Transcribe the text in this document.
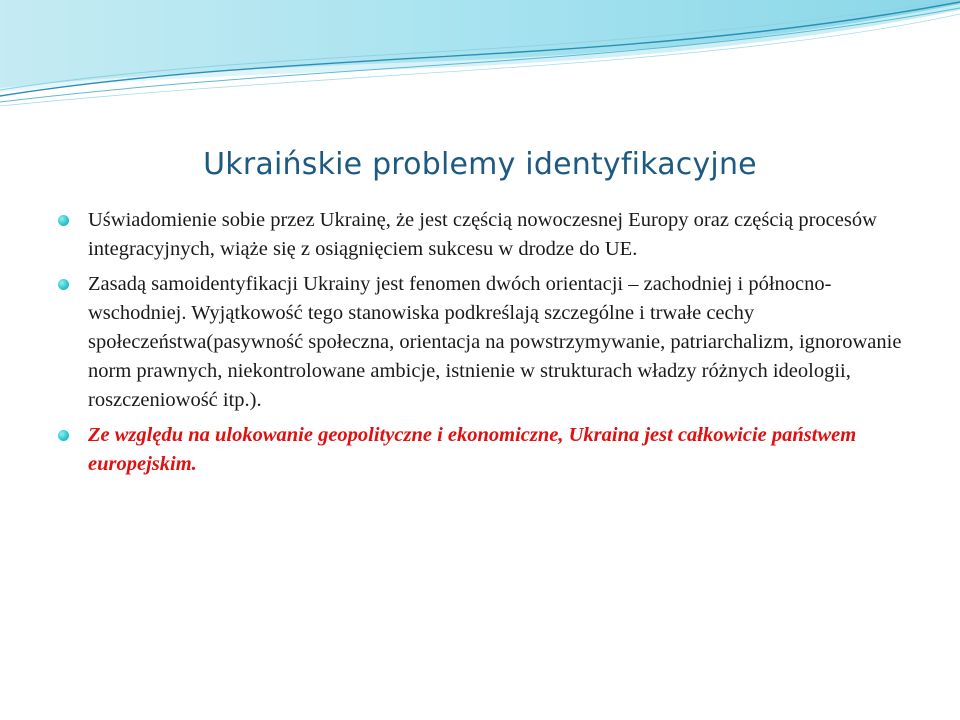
Ukraińskie problemy identyfikacyjne
Uświadomienie sobie przez Ukrainę, że jest częścią nowoczesnej Europy oraz częścią procesów integracyjnych, wiąże się z osiągnięciem sukcesu w drodze do UE.
Zasadą samoidentyfikacji Ukrainy jest fenomen dwóch orientacji – zachodniej i północno-wschodniej. Wyjątkowość tego stanowiska podkreślają szczególne i trwałe cechy społeczeństwa(pasywność społeczna, orientacja na powstrzymywanie, patriarchalizm, ignorowanie norm prawnych, niekontrolowane ambicje, istnienie w strukturach władzy różnych ideologii, roszczeniowość itp.).
Ze względu na ulokowanie geopolityczne i ekonomiczne, Ukraina jest całkowicie państwem europejskim.
